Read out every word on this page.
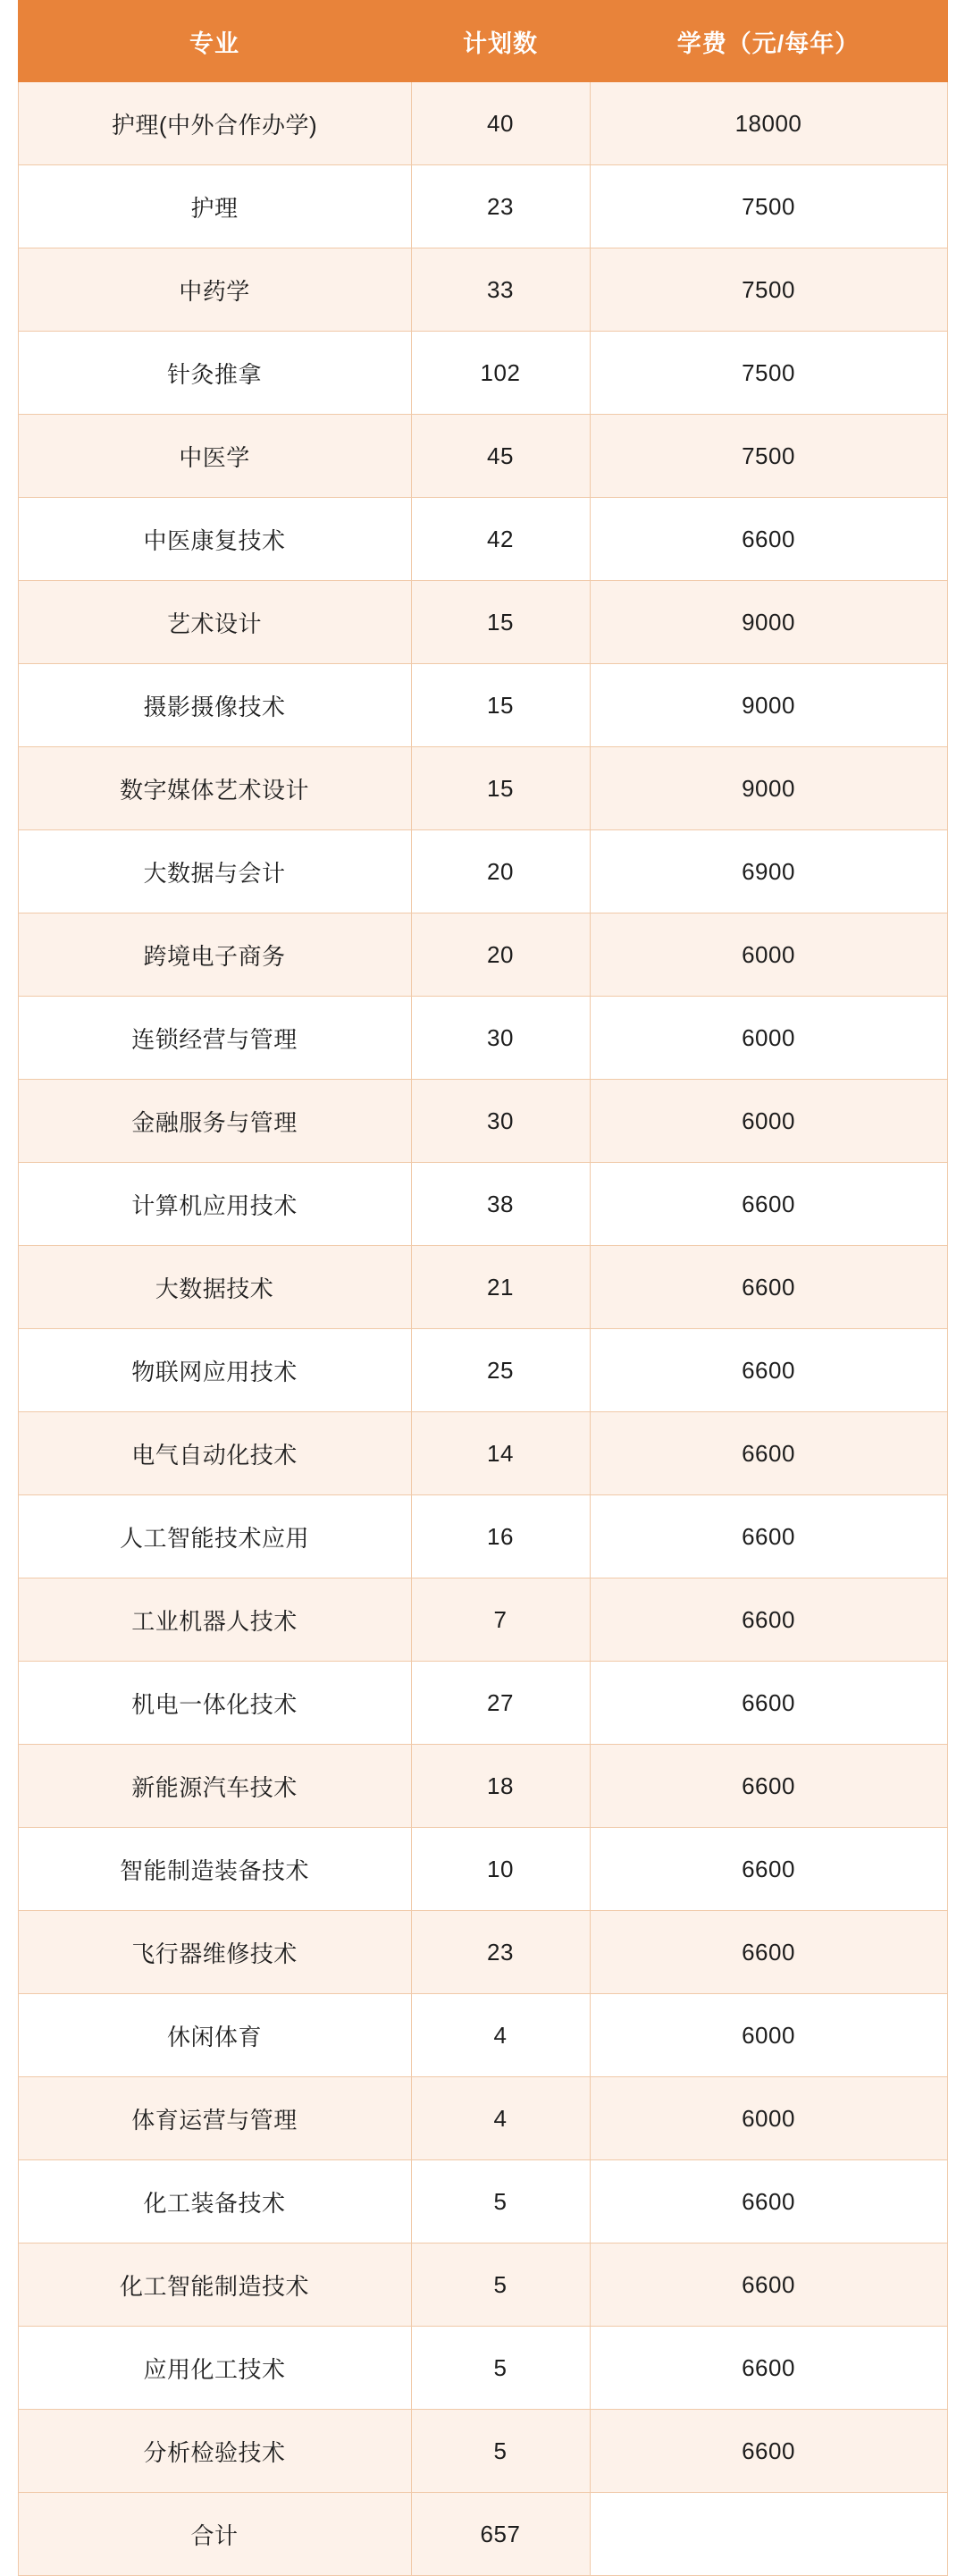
专业	计划数	学费（元/每年）
护理(中外合作办学)	40	18000
护理	23	7500
中药学	33	7500
针灸推拿	102	7500
中医学	45	7500
中医康复技术	42	6600
艺术设计	15	9000
摄影摄像技术	15	9000
数字媒体艺术设计	15	9000
大数据与会计	20	6900
跨境电子商务	20	6000
连锁经营与管理	30	6000
金融服务与管理	30	6000
计算机应用技术	38	6600
大数据技术	21	6600
物联网应用技术	25	6600
电气自动化技术	14	6600
人工智能技术应用	16	6600
工业机器人技术	7	6600
机电一体化技术	27	6600
新能源汽车技术	18	6600
智能制造装备技术	10	6600
飞行器维修技术	23	6600
休闲体育	4	6000
体育运营与管理	4	6000
化工装备技术	5	6600
化工智能制造技术	5	6600
应用化工技术	5	6600
分析检验技术	5	6600
合计	657	
